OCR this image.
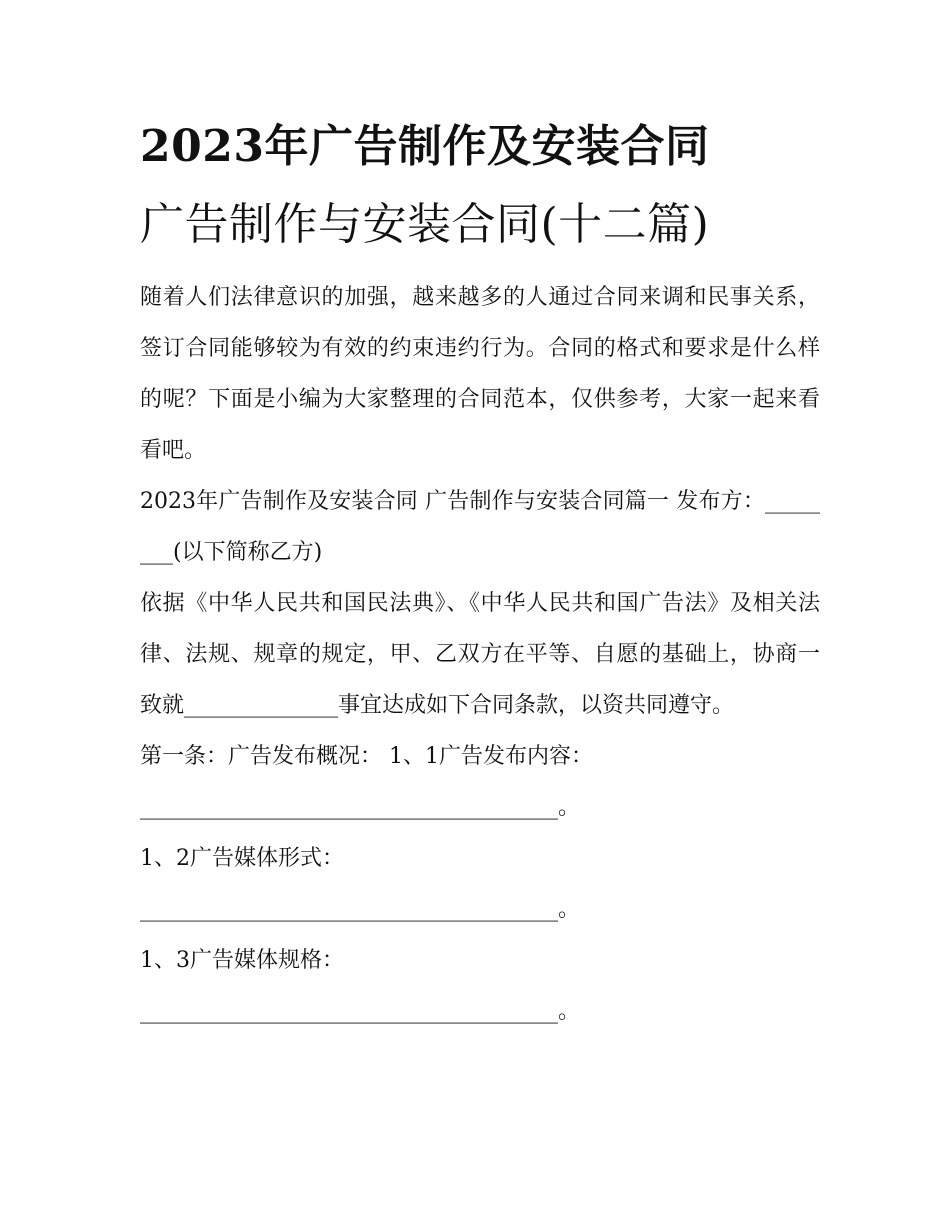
2023年广告制作及安装合同
广告制作与安装合同(十二篇)
随着人们法律意识的加强，越来越多的人通过合同来调和民事关系，签订合同能够较为有效的约束违约行为。合同的格式和要求是什么样的呢？下面是小编为大家整理的合同范本，仅供参考，大家一起来看看吧。
2023年广告制作及安装合同 广告制作与安装合同篇一 发布方：________(以下简称乙方)
依据《中华人民共和国民法典》、《中华人民共和国广告法》及相关法律、法规、规章的规定，甲、乙双方在平等、自愿的基础上，协商一致就______________事宜达成如下合同条款，以资共同遵守。
第一条：广告发布概况： 1、1广告发布内容：
______________________________________。
1、2广告媒体形式：
______________________________________。
1、3广告媒体规格：
______________________________________。
